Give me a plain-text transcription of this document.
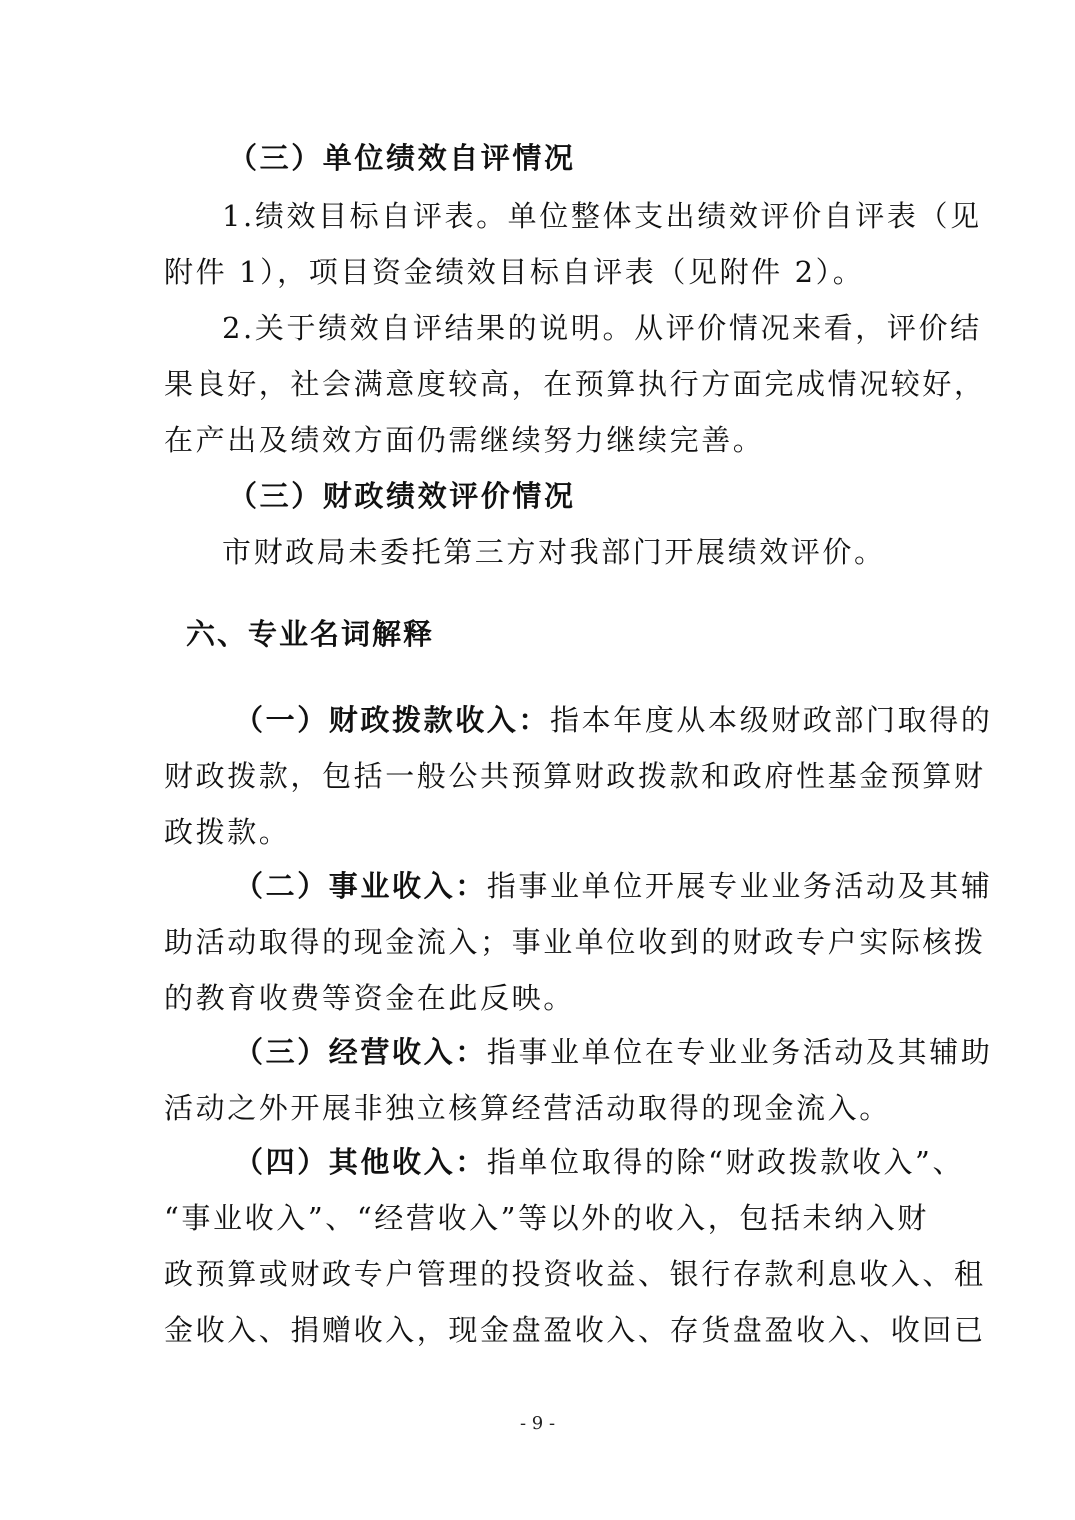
（三）单位绩效自评情况
1.绩效目标自评表。单位整体支出绩效评价自评表（见
附件 1），项目资金绩效目标自评表（见附件 2）。
2.关于绩效自评结果的说明。从评价情况来看，评价结
果良好，社会满意度较高，在预算执行方面完成情况较好，
在产出及绩效方面仍需继续努力继续完善。
（三）财政绩效评价情况
市财政局未委托第三方对我部门开展绩效评价。
六、专业名词解释
（一）财政拨款收入：指本年度从本级财政部门取得的
财政拨款，包括一般公共预算财政拨款和政府性基金预算财
政拨款。
（二）事业收入：指事业单位开展专业业务活动及其辅
助活动取得的现金流入；事业单位收到的财政专户实际核拨
的教育收费等资金在此反映。
（三）经营收入：指事业单位在专业业务活动及其辅助
活动之外开展非独立核算经营活动取得的现金流入。
（四）其他收入：指单位取得的除“财政拨款收入”、
“事业收入”、“经营收入”等以外的收入，包括未纳入财
政预算或财政专户管理的投资收益、银行存款利息收入、租
金收入、捐赠收入，现金盘盈收入、存货盘盈收入、收回已
- 9 -
